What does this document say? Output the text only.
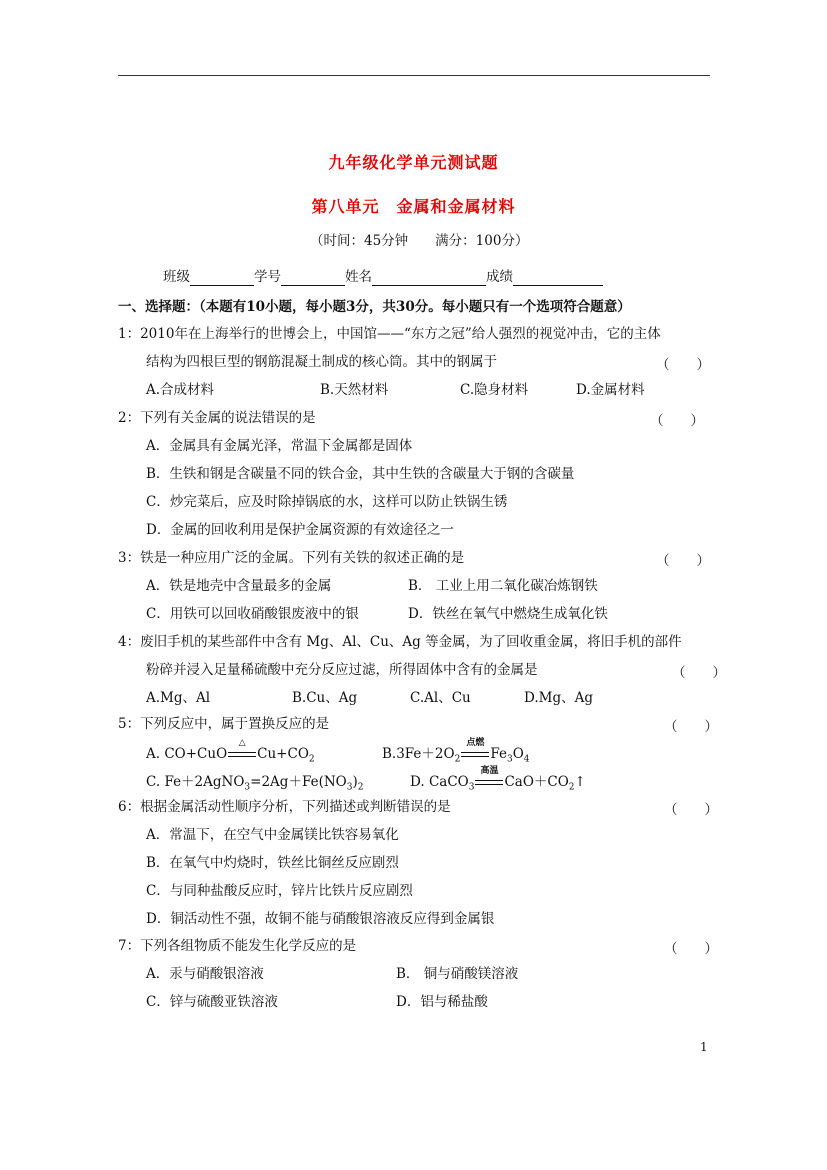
九年级化学单元测试题
第八单元　金属和金属材料
（时间：45分钟　　满分：100分）
班级	学号	姓名	成绩
一、选择题：（本题有10小题，每小题3分，共30分。每小题只有一个选项符合题意）
1：2010年在上海举行的世博会上，中国馆——“东方之冠”给人强烈的视觉冲击，它的主体
结构为四根巨型的钢筋混凝土制成的核心筒。其中的钢属于	（　　）
A.合成材料	B.天然材料	C.隐身材料	D.金属材料
2：下列有关金属的说法错误的是	（　　）
A．金属具有金属光泽，常温下金属都是固体
B．生铁和钢是含碳量不同的铁合金，其中生铁的含碳量大于钢的含碳量
C．炒完菜后，应及时除掉锅底的水，这样可以防止铁锅生锈
D．金属的回收利用是保护金属资源的有效途径之一
3：铁是一种应用广泛的金属。下列有关铁的叙述正确的是	（　　）
A．铁是地壳中含量最多的金属	B． 工业上用二氧化碳冶炼钢铁
C．用铁可以回收硝酸银废液中的银	D．铁丝在氧气中燃烧生成氧化铁
4：废旧手机的某些部件中含有 Mg、Al、Cu、Ag 等金属，为了回收重金属，将旧手机的部件
粉碎并浸入足量稀硫酸中充分反应过滤，所得固体中含有的金属是	（　　）
A.Mg、Al	B.Cu、Ag	C.Al、Cu	D.Mg、Ag
5：下列反应中，属于置换反应的是	（　　）
A. CO+CuO
△
$Cu+CO_2$	$B.3Fe+2O_2$
点燃
$Fe_3O_4$
C. $Fe+2AgNO_3=2Ag+Fe(NO_3)_2$	D. CaCO$_3$
高温
$CaO+CO_2↑$
6：根据金属活动性顺序分析，下列描述或判断错误的是	（　　）
A．常温下，在空气中金属镁比铁容易氧化
B．在氧气中灼烧时，铁丝比铜丝反应剧烈
C．与同种盐酸反应时，锌片比铁片反应剧烈
D．铜活动性不强，故铜不能与硝酸银溶液反应得到金属银
7：下列各组物质不能发生化学反应的是	（　　）
A．汞与硝酸银溶液	B． 铜与硝酸镁溶液
C．锌与硫酸亚铁溶液	D．铝与稀盐酸
1
